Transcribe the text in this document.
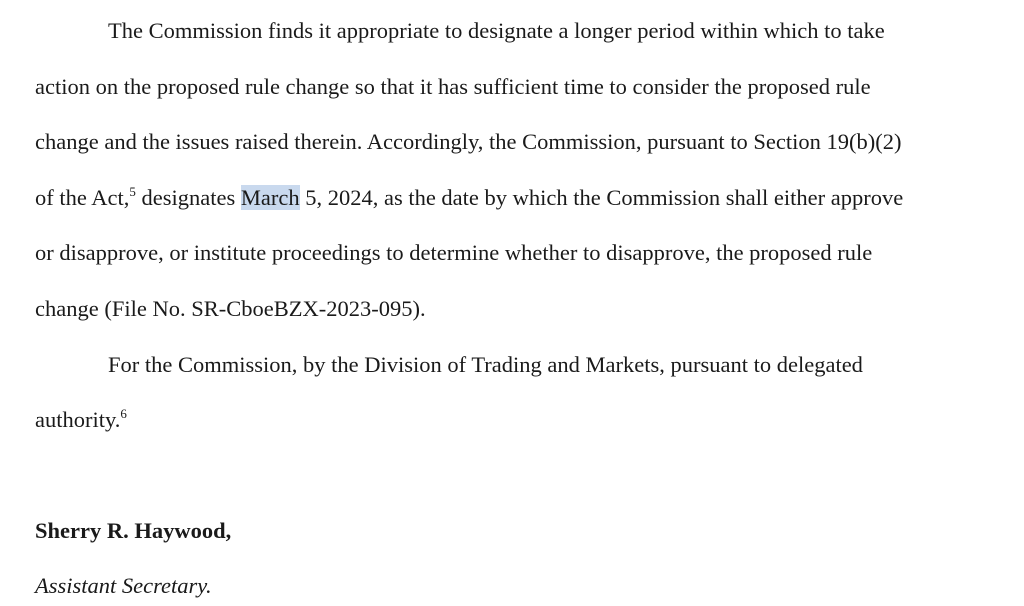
The Commission finds it appropriate to designate a longer period within which to take
action on the proposed rule change so that it has sufficient time to consider the proposed rule
change and the issues raised therein. Accordingly, the Commission, pursuant to Section 19(b)(2)
of the Act,$^5$ designates March 5, 2024, as the date by which the Commission shall either approve
or disapprove, or institute proceedings to determine whether to disapprove, the proposed rule
change (File No. SR-CboeBZX-2023-095).
For the Commission, by the Division of Trading and Markets, pursuant to delegated
authority.$^6$
Sherry R. Haywood,
Assistant Secretary.
